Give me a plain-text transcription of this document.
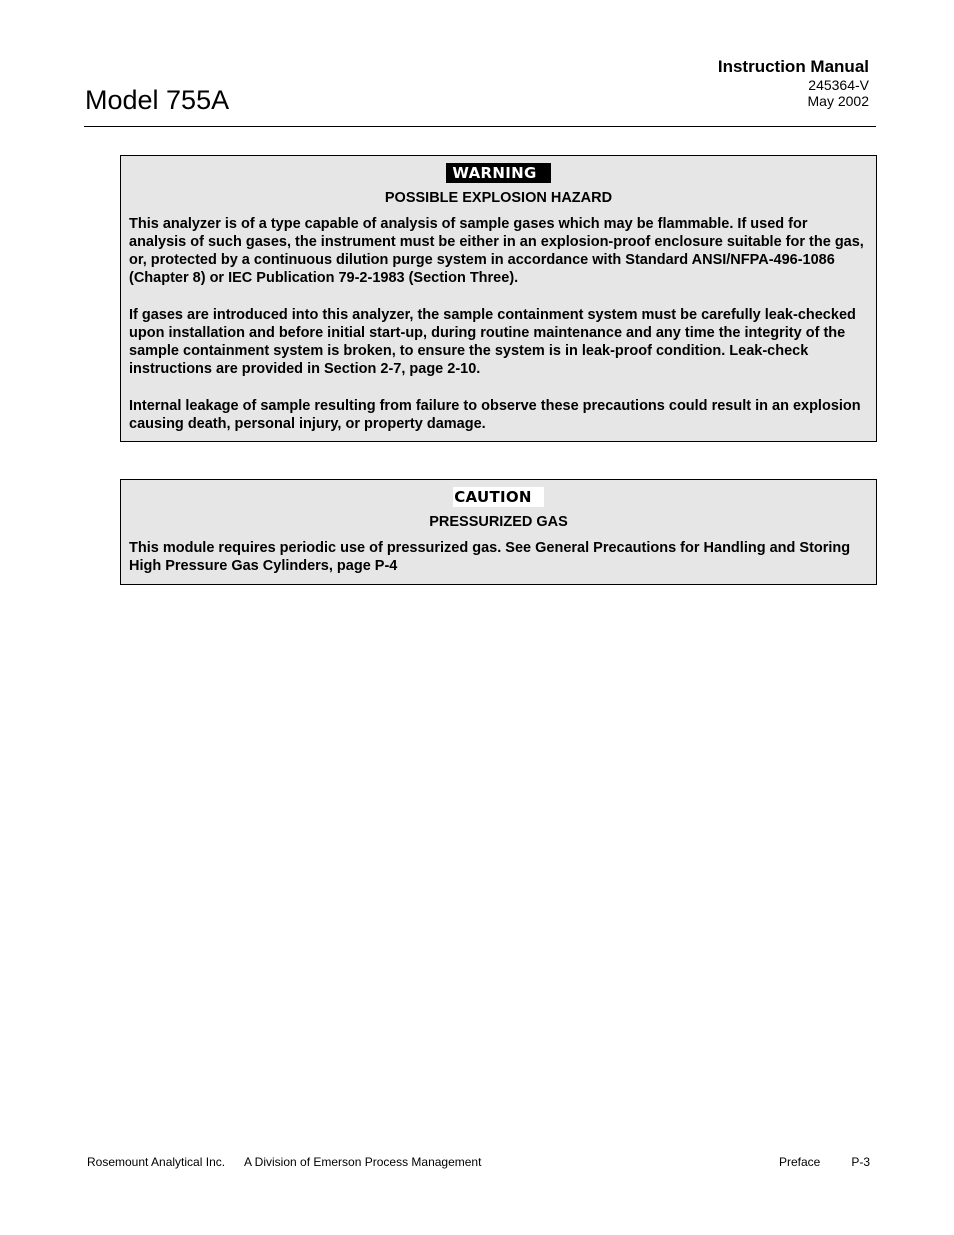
Model 755A
Instruction Manual
245364-V
May 2002
WARNING
POSSIBLE EXPLOSION HAZARD

This analyzer is of a type capable of analysis of sample gases which may be flammable. If used for analysis of such gases, the instrument must be either in an explosion-proof enclosure suitable for the gas, or, protected by a continuous dilution purge system in accordance with Standard ANSI/NFPA-496-1086 (Chapter 8) or IEC Publication 79-2-1983 (Section Three).

If gases are introduced into this analyzer, the sample containment system must be carefully leak-checked upon installation and before initial start-up, during routine maintenance and any time the integrity of the sample containment system is broken, to ensure the system is in leak-proof condition. Leak-check instructions are provided in Section 2-7, page 2-10.

Internal leakage of sample resulting from failure to observe these precautions could result in an explosion causing death, personal injury, or property damage.

CAUTION
PRESSURIZED GAS

This module requires periodic use of pressurized gas. See General Precautions for Handling and Storing High Pressure Gas Cylinders, page P-4

Rosemount Analytical Inc. A Division of Emerson Process Management	Preface	P-3
